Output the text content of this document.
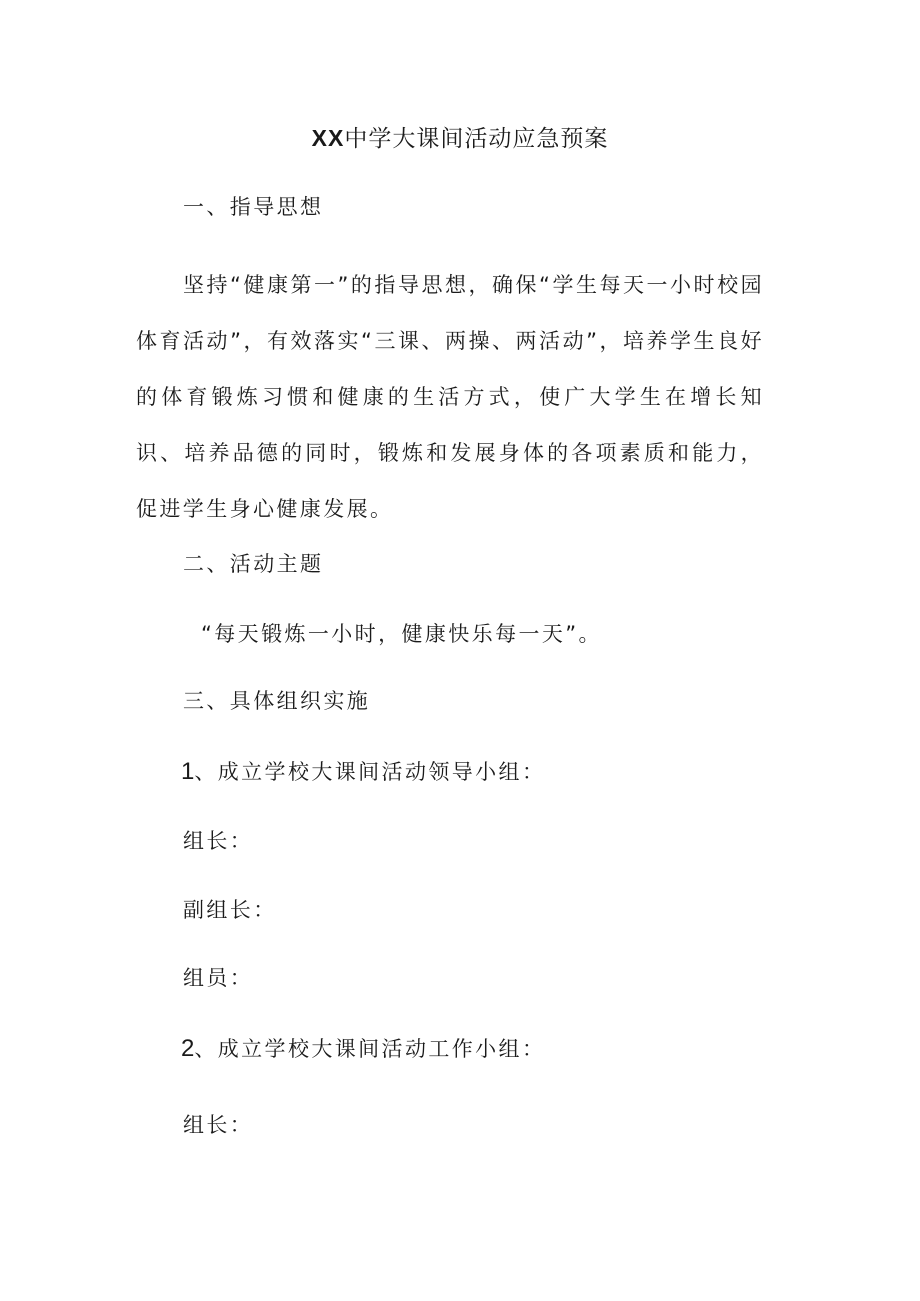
XX中学大课间活动应急预案
一、指导思想
坚持“健康第一”的指导思想，确保“学生每天一小时校园体育活动”，有效落实“三课、两操、两活动”，培养学生良好的体育锻炼习惯和健康的生活方式，使广大学生在增长知识、培养品德的同时，锻炼和发展身体的各项素质和能力，促进学生身心健康发展。
二、活动主题
“每天锻炼一小时，健康快乐每一天”。
三、具体组织实施
1、成立学校大课间活动领导小组：
组长：
副组长：
组员：
2、成立学校大课间活动工作小组：
组长：
